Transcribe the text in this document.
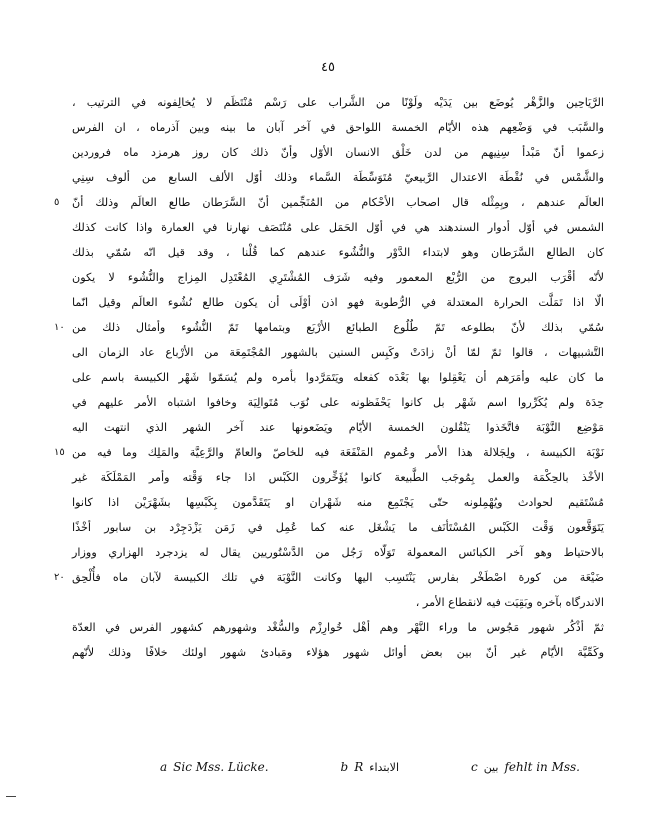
٤٥
الرَّيَاحِين والزَّهْر يُوضَع بين يَدَيْه ولَوْنًا من الشَّراب على رَسْم مُنْتَظَم لا يُخالِفونه في الترتيب ،
والسَّبَب في وَضْعِهم هذه الأيّام الخمسة اللواحق في آخر آبان ما بينه وبين آذرماه ، ان الفرس
زعموا أنّ مَبْدأ سِنِيهم من لدن خَلْق الانسان الأوّل وأنّ ذلك كان روز هرمزد ماه فروردين
والشَّمْس في نُقْطَة الاعتدال الرَّبيعيّ مُتَوَسِّطَة السَّماء وذلك أوّل الألف السابع من ألوف سِنِي
العالَم عندهم ، وبِمِثْله قال اصحاب الأحْكام من المُنَجِّمين أنّ السَّرَطان طالع العالَم وذلك أنّ
٥
الشمس في أوّل أدوار السندهند هي في أوّل الحَمَل على مُنْتَصَف نهارنا في العمارة واذا كانت كذلك
كان الطالع السَّرَطان وهو لابتداء الدَّوْر والنُّشُوء عندهم كما قُلْنا ، وقد قيل انّه سُمّي بذلك
لأنّه أقْرَب البروج من الرُّبْع المعمور وفيه شَرَف المُشْتَرِي المُعْتَدِل المِزاج والنُّشُوء لا يكون
الّا اذا تَمَلَّت الحرارة المعتدلة في الرُّطوبة فهو اذن أوْلَى أن يكون طالع نُشُوء العالَم وقيل انّما
سُمّي بذلك لأنّ بطلوعه تَمّ طُلُوع الطبائع الأرْبَع وبتمامها تَمّ النُّشُوء وأمثال ذلك من
١٠
التَّشبيهات ، قالوا ثمّ لمّا أنْ زادَتْ وكَبِس السنين بالشهور المُجْتَمِعَة من الأرْباع عاد الزمان الى
ما كان عليه وأمَرَهم أن يَعْقِلوا بها بَعْدَه كفعله ويَتَمَرَّدوا بأمره ولم يُسَمّوا شَهْر الكبيسة باسم على
حِدَة ولم يُكَرِّروا اسم شَهْر بل كانوا يَحْفَظونه على نُوَب مُتَوالِيَة وخافوا اشتباه الأمر عليهم في
مَوْضِع النَّوْبَة فاتَّخَذوا يَنْقُلون الخمسة الأيّام ويَضَعونها عند آخر الشهر الذي انتهت اليه
نَوْبَة الكبيسة ، ولِجَلالة هذا الأمر وعُموم المَنْفَعَة فيه للخاصّ والعامّ والرَّعِيَّة والمَلِك وما فيه من
١٥
الأخْذ بالحِكْمَة والعمل بِمُوجَب الطَّبيعة كانوا يُؤَخِّرون الكَبْس اذا جاء وَقْته وأمر المَمْلَكَة غير
مُسْتَقيم لحوادث ويُهْمِلونه حتّى يَجْتَمِع منه شَهْران او يَتَقَدَّمون بِكَبْسِها بشَهْرَيْن اذا كانوا
يَتَوَقَّعون وَقْت الكَبْس المُسْتَأنَف ما يَشْغَل عنه كما عُمِل في زَمَن يَزْدَجِرْد بن سابور أخْذًا
بالاحتياط وهو آخر الكبائس المعمولة تَوَلّاه رَجُل من الدَّسْتُوريين يقال له يزدجرد الهزاري ووزار
ضَيْعَة من كورة اصْطَخْر بفارس يَنْتَسِب اليها وكانت النَّوْبَة في تلك الكبيسة لآبان ماه فأُلْحِق
٢٠
الاندرگاه بآخره وبَقِيَت فيه لانقطاع الأمر ،
ثمّ أذْكُر شهور مَجُوس ما وراء النَّهْر وهم أهْل خُوارِزْم والسُّغْد وشهورهم كشهور الفرس في العدّة
وكَمِّيَّة الأيّام غير أنّ بين بعض أوائل شهور هؤلاء ومَبادئ شهور اولئك خلافًا وذلك لأنّهم
a Sic Mss. Lücke.	b R الابتداء	c بين fehlt in Mss.
